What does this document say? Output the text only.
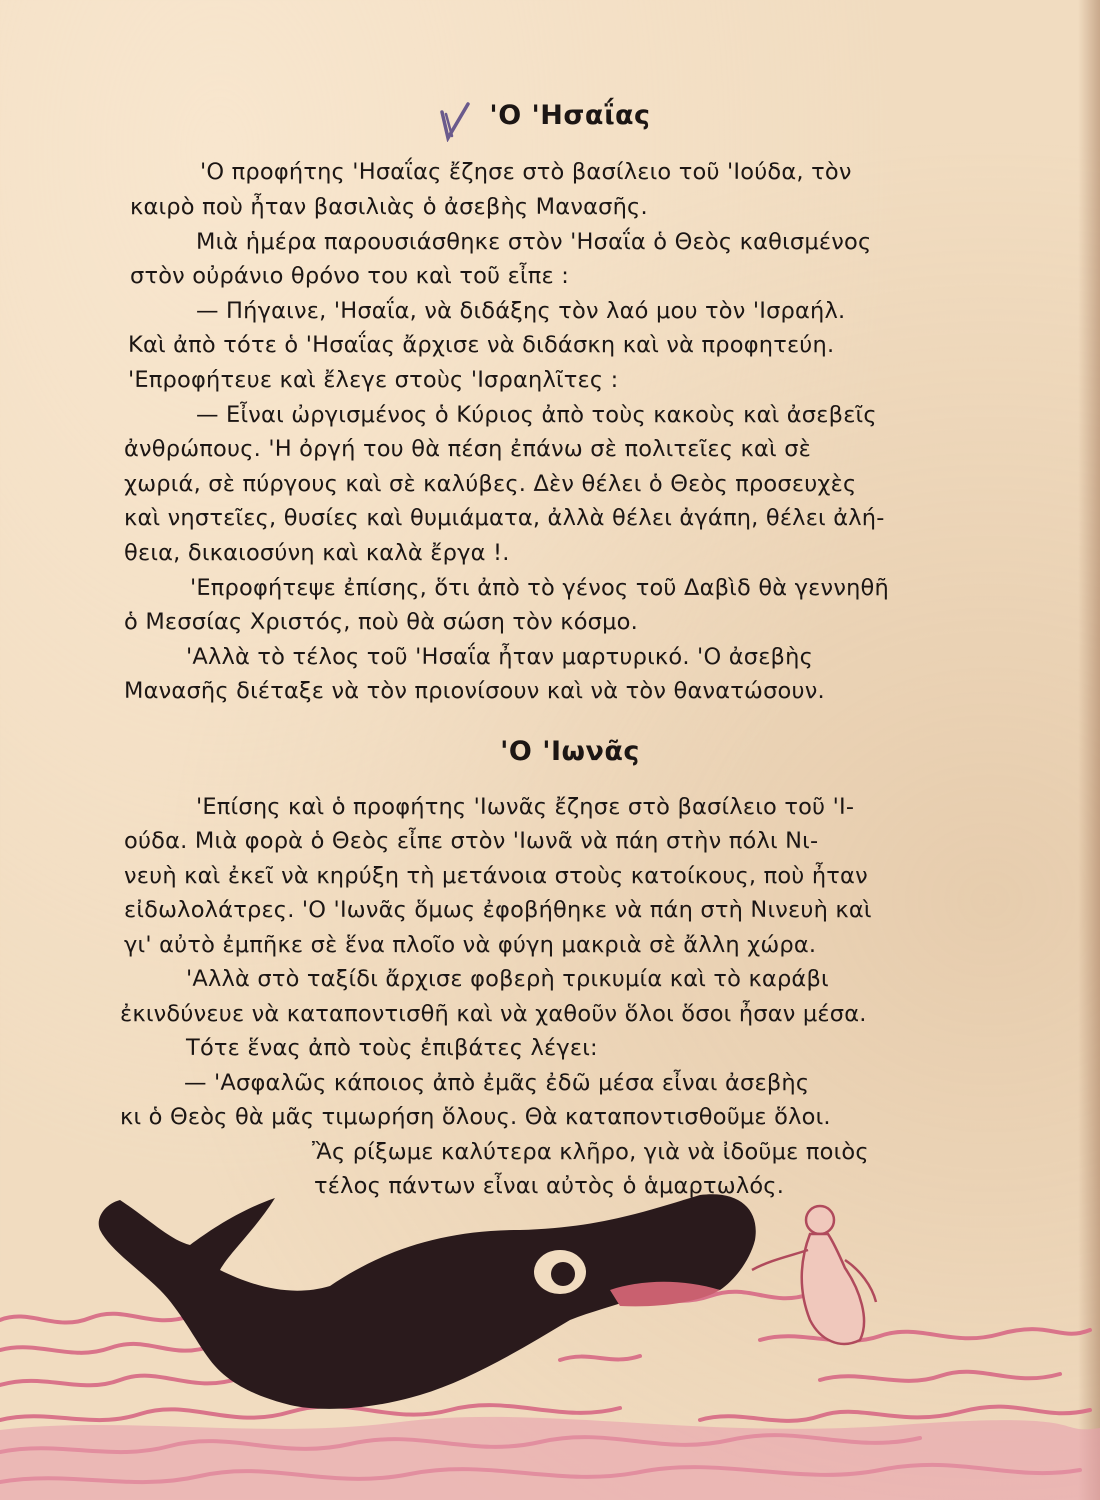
'Ο 'Ησαΐας

'Ο προφήτης 'Ησαΐας ἔζησε στὸ βασίλειο τοῦ 'Ιούδα, τὸν

καιρὸ ποὺ ἦταν βασιλιὰς ὁ ἀσεβὴς Μανασῆς.

Μιὰ ἡμέρα παρουσιάσθηκε στὸν 'Ησαΐα ὁ Θεὸς καθισμένος

στὸν οὐράνιο θρόνο του καὶ τοῦ εἶπε :

— Πήγαινε, 'Ησαΐα, νὰ διδάξης τὸν λαό μου τὸν 'Ισραήλ.

Καὶ ἀπὸ τότε ὁ 'Ησαΐας ἄρχισε νὰ διδάσκη καὶ νὰ προφητεύη.

'Επροφήτευε καὶ ἔλεγε στοὺς 'Ισραηλῖτες :

— Εἶναι ὠργισμένος ὁ Κύριος ἀπὸ τοὺς κακοὺς καὶ ἀσεβεῖς

ἀνθρώπους. 'Η ὀργή του θὰ πέση ἐπάνω σὲ πολιτεῖες καὶ σὲ

χωριά, σὲ πύργους καὶ σὲ καλύβες. Δὲν θέλει ὁ Θεὸς προσευχὲς

καὶ νηστεῖες, θυσίες καὶ θυμιάματα, ἀλλὰ θέλει ἀγάπη, θέλει ἀλή-

θεια, δικαιοσύνη καὶ καλὰ ἔργα !.

'Επροφήτεψε ἐπίσης, ὅτι ἀπὸ τὸ γένος τοῦ Δαβὶδ θὰ γεννηθῆ

ὁ Μεσσίας Χριστός, ποὺ θὰ σώση τὸν κόσμο.

'Αλλὰ τὸ τέλος τοῦ 'Ησαΐα ἦταν μαρτυρικό. 'Ο ἀσεβὴς

Μανασῆς διέταξε νὰ τὸν πριονίσουν καὶ νὰ τὸν θανατώσουν.

'Ο 'Ιωνᾶς

'Επίσης καὶ ὁ προφήτης 'Ιωνᾶς ἔζησε στὸ βασίλειο τοῦ 'Ι-

ούδα. Μιὰ φορὰ ὁ Θεὸς εἶπε στὸν 'Ιωνᾶ νὰ πάη στὴν πόλι Νι-

νευὴ καὶ ἐκεῖ νὰ κηρύξη τὴ μετάνοια στοὺς κατοίκους, ποὺ ἦταν

εἰδωλολάτρες. 'Ο 'Ιωνᾶς ὅμως ἐφοβήθηκε νὰ πάη στὴ Νινευὴ καὶ

γι' αὐτὸ ἐμπῆκε σὲ ἕνα πλοῖο νὰ φύγη μακριὰ σὲ ἄλλη χώρα.

'Αλλὰ στὸ ταξίδι ἄρχισε φοβερὴ τρικυμία καὶ τὸ καράβι

ἐκινδύνευε νὰ καταποντισθῆ καὶ νὰ χαθοῦν ὅλοι ὅσοι ἦσαν μέσα.

Τότε ἕνας ἀπὸ τοὺς ἐπιβάτες λέγει:

— 'Ασφαλῶς κάποιος ἀπὸ ἐμᾶς ἐδῶ μέσα εἶναι ἀσεβὴς

κι ὁ Θεὸς θὰ μᾶς τιμωρήση ὅλους. Θὰ καταποντισθοῦμε ὅλοι.

Ἂς ρίξωμε καλύτερα κλῆρο, γιὰ νὰ ἰδοῦμε ποιὸς

τέλος πάντων εἶναι αὐτὸς ὁ ἁμαρτωλός.
